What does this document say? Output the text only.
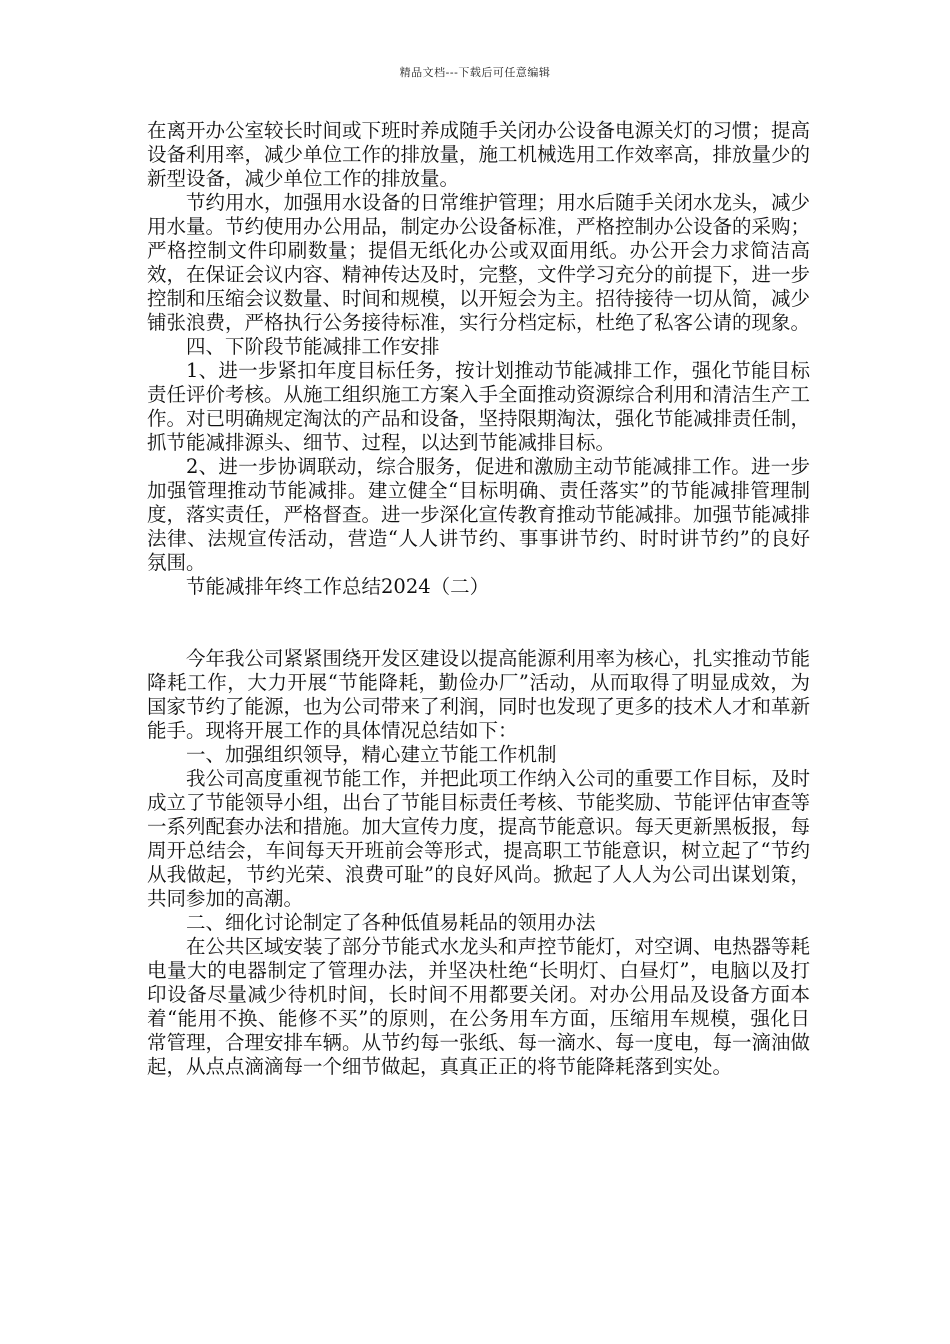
精品文档---下载后可任意编辑

在离开办公室较长时间或下班时养成随手关闭办公设备电源关灯的习惯；提高设备利用率，减少单位工作的排放量，施工机械选用工作效率高，排放量少的新型设备，减少单位工作的排放量。

节约用水，加强用水设备的日常维护管理；用水后随手关闭水龙头，减少用水量。节约使用办公用品，制定办公设备标准，严格控制办公设备的采购；严格控制文件印刷数量；提倡无纸化办公或双面用纸。办公开会力求简洁高效，在保证会议内容、精神传达及时，完整，文件学习充分的前提下，进一步控制和压缩会议数量、时间和规模，以开短会为主。招待接待一切从简，减少铺张浪费，严格执行公务接待标准，实行分档定标，杜绝了私客公请的现象。

四、下阶段节能减排工作安排

1、进一步紧扣年度目标任务，按计划推动节能减排工作，强化节能目标责任评价考核。从施工组织施工方案入手全面推动资源综合利用和清洁生产工作。对已明确规定淘汰的产品和设备，坚持限期淘汰，强化节能减排责任制，抓节能减排源头、细节、过程，以达到节能减排目标。

2、进一步协调联动，综合服务，促进和激励主动节能减排工作。进一步加强管理推动节能减排。建立健全“目标明确、责任落实”的节能减排管理制度，落实责任，严格督查。进一步深化宣传教育推动节能减排。加强节能减排法律、法规宣传活动，营造“人人讲节约、事事讲节约、时时讲节约”的良好氛围。

节能减排年终工作总结2024（二）

今年我公司紧紧围绕开发区建设以提高能源利用率为核心，扎实推动节能降耗工作，大力开展“节能降耗，勤俭办厂”活动，从而取得了明显成效，为国家节约了能源，也为公司带来了利润，同时也发现了更多的技术人才和革新能手。现将开展工作的具体情况总结如下：

一、加强组织领导，精心建立节能工作机制

我公司高度重视节能工作，并把此项工作纳入公司的重要工作目标，及时成立了节能领导小组，出台了节能目标责任考核、节能奖励、节能评估审查等一系列配套办法和措施。加大宣传力度，提高节能意识。每天更新黑板报，每周开总结会，车间每天开班前会等形式，提高职工节能意识，树立起了“节约从我做起，节约光荣、浪费可耻”的良好风尚。掀起了人人为公司出谋划策，共同参加的高潮。

二、细化讨论制定了各种低值易耗品的领用办法

在公共区域安装了部分节能式水龙头和声控节能灯，对空调、电热器等耗电量大的电器制定了管理办法，并坚决杜绝“长明灯、白昼灯”，电脑以及打印设备尽量减少待机时间，长时间不用都要关闭。对办公用品及设备方面本着“能用不换、能修不买”的原则，在公务用车方面，压缩用车规模，强化日常管理，合理安排车辆。从节约每一张纸、每一滴水、每一度电，每一滴油做起，从点点滴滴每一个细节做起，真真正正的将节能降耗落到实处。
